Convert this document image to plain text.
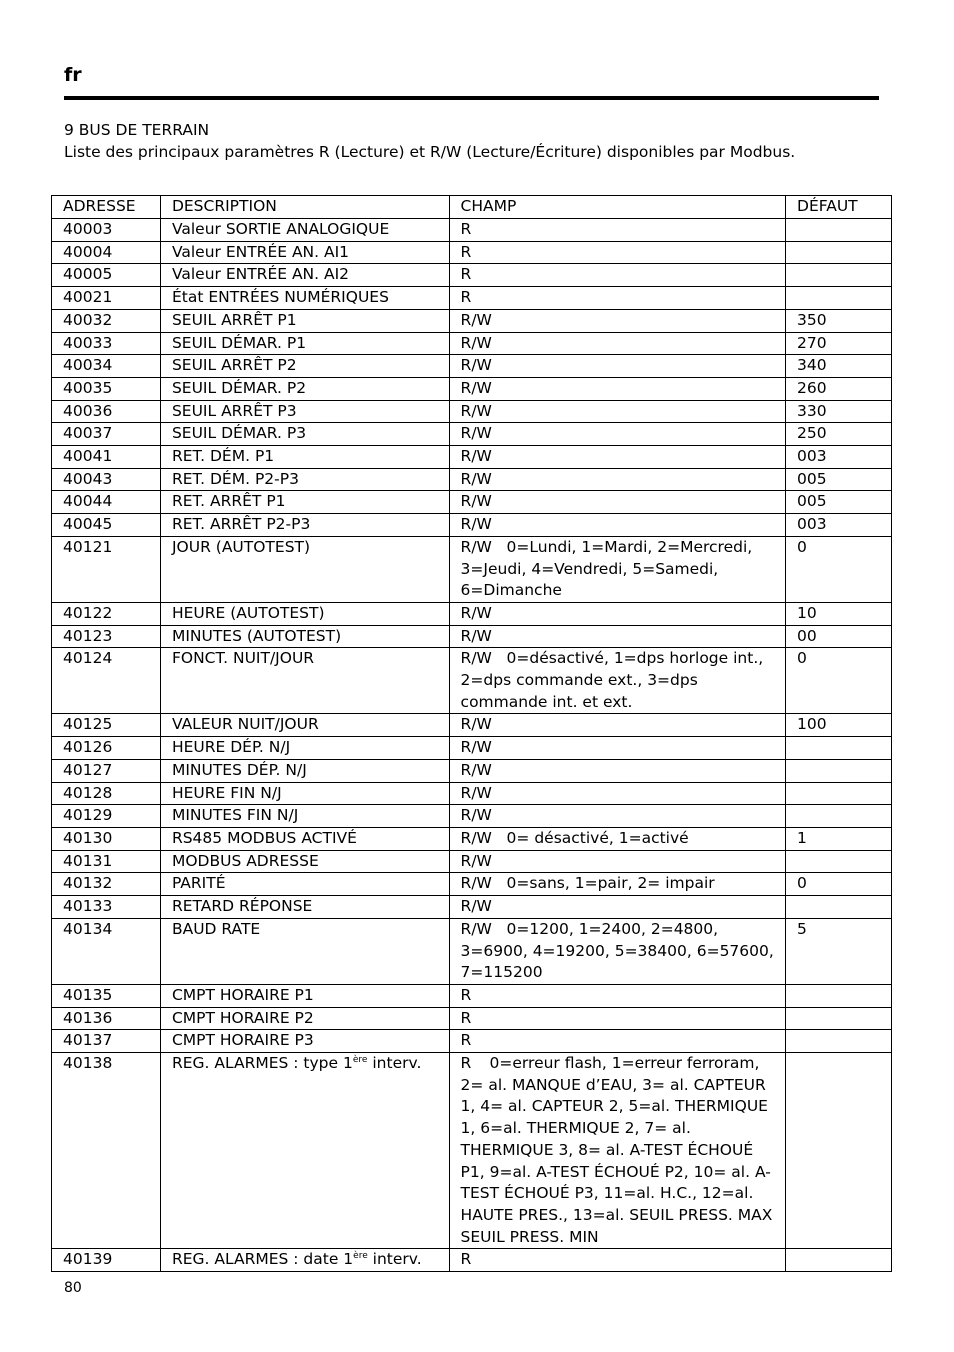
fr
9 BUS DE TERRAIN
Liste des principaux paramètres R (Lecture) et R/W (Lecture/Écriture) disponibles par Modbus.
ADRESSE	DESCRIPTION	CHAMP	DÉFAUT
40003	Valeur SORTIE ANALOGIQUE	R	
40004	Valeur ENTRÉE AN. AI1	R	
40005	Valeur ENTRÉE AN. AI2	R	
40021	État ENTRÉES NUMÉRIQUES	R	
40032	SEUIL ARRÊT P1	R/W	350
40033	SEUIL DÉMAR. P1	R/W	270
40034	SEUIL ARRÊT P2	R/W	340
40035	SEUIL DÉMAR. P2	R/W	260
40036	SEUIL ARRÊT P3	R/W	330
40037	SEUIL DÉMAR. P3	R/W	250
40041	RET. DÉM. P1	R/W	003
40043	RET. DÉM. P2-P3	R/W	005
40044	RET. ARRÊT P1	R/W	005
40045	RET. ARRÊT P2-P3	R/W	003
40121	JOUR (AUTOTEST)	R/W 0=Lundi, 1=Mardi, 2=Mercredi, 3=Jeudi, 4=Vendredi, 5=Samedi, 6=Dimanche	0
40122	HEURE (AUTOTEST)	R/W	10
40123	MINUTES (AUTOTEST)	R/W	00
40124	FONCT. NUIT/JOUR	R/W 0=désactivé, 1=dps horloge int., 2=dps commande ext., 3=dps commande int. et ext.	0
40125	VALEUR NUIT/JOUR	R/W	100
40126	HEURE DÉP. N/J	R/W	
40127	MINUTES DÉP. N/J	R/W	
40128	HEURE FIN N/J	R/W	
40129	MINUTES FIN N/J	R/W	
40130	RS485 MODBUS ACTIVÉ	R/W 0= désactivé, 1=activé	1
40131	MODBUS ADRESSE	R/W	
40132	PARITÉ	R/W 0=sans, 1=pair, 2= impair	0
40133	RETARD RÉPONSE	R/W	
40134	BAUD RATE	R/W 0=1200, 1=2400, 2=4800, 3=6900, 4=19200, 5=38400, 6=57600, 7=115200	5
40135	CMPT HORAIRE P1	R	
40136	CMPT HORAIRE P2	R	
40137	CMPT HORAIRE P3	R	
40138	REG. ALARMES : type 1ère interv.	R 0=erreur flash, 1=erreur ferroram, 2= al. MANQUE d’EAU, 3= al. CAPTEUR 1, 4= al. CAPTEUR 2, 5=al. THERMIQUE 1, 6=al. THERMIQUE 2, 7= al. THERMIQUE 3, 8= al. A-TEST ÉCHOUÉ P1, 9=al. A-TEST ÉCHOUÉ P2, 10= al. A-TEST ÉCHOUÉ P3, 11=al. H.C., 12=al. HAUTE PRES., 13=al. SEUIL PRESS. MAX SEUIL PRESS. MIN	
40139	REG. ALARMES : date 1ère interv.	R	
80
